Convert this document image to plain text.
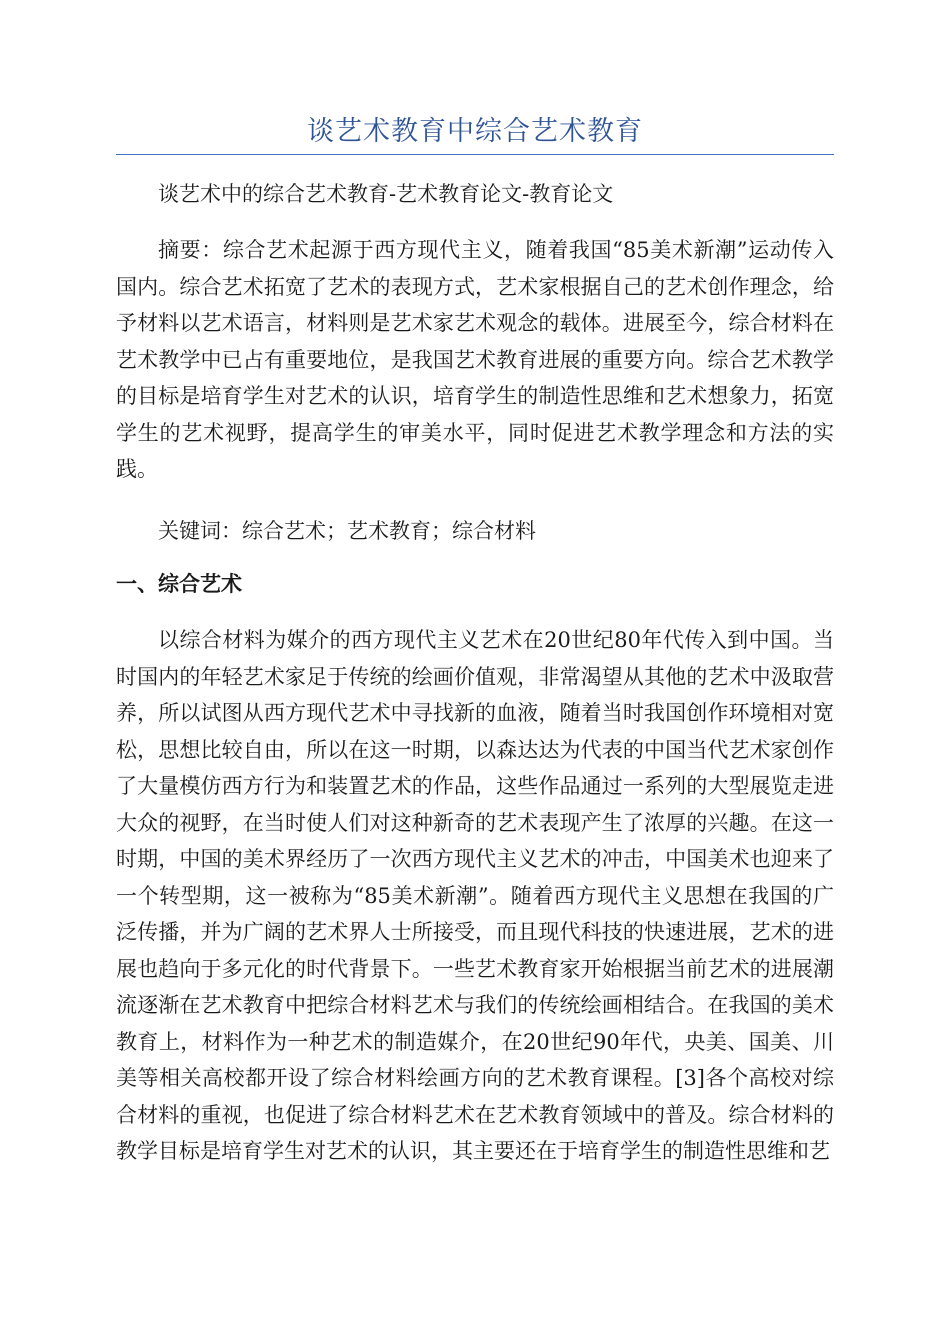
谈艺术教育中综合艺术教育

谈艺术中的综合艺术教育-艺术教育论文-教育论文

摘要：综合艺术起源于西方现代主义，随着我国“85美术新潮”运动传入国内。综合艺术拓宽了艺术的表现方式，艺术家根据自己的艺术创作理念，给予材料以艺术语言，材料则是艺术家艺术观念的载体。进展至今，综合材料在艺术教学中已占有重要地位，是我国艺术教育进展的重要方向。综合艺术教学的目标是培育学生对艺术的认识，培育学生的制造性思维和艺术想象力，拓宽学生的艺术视野，提高学生的审美水平，同时促进艺术教学理念和方法的实践。

关键词：综合艺术；艺术教育；综合材料

一、综合艺术

以综合材料为媒介的西方现代主义艺术在20世纪80年代传入到中国。当时国内的年轻艺术家足于传统的绘画价值观，非常渴望从其他的艺术中汲取营养，所以试图从西方现代艺术中寻找新的血液，随着当时我国创作环境相对宽松，思想比较自由，所以在这一时期，以森达达为代表的中国当代艺术家创作了大量模仿西方行为和装置艺术的作品，这些作品通过一系列的大型展览走进大众的视野，在当时使人们对这种新奇的艺术表现产生了浓厚的兴趣。在这一时期，中国的美术界经历了一次西方现代主义艺术的冲击，中国美术也迎来了一个转型期，这一被称为“85美术新潮”。随着西方现代主义思想在我国的广泛传播，并为广阔的艺术界人士所接受，而且现代科技的快速进展，艺术的进展也趋向于多元化的时代背景下。一些艺术教育家开始根据当前艺术的进展潮流逐渐在艺术教育中把综合材料艺术与我们的传统绘画相结合。在我国的美术教育上，材料作为一种艺术的制造媒介，在20世纪90年代，央美、国美、川美等相关高校都开设了综合材料绘画方向的艺术教育课程。[3]各个高校对综合材料的重视，也促进了综合材料艺术在艺术教育领域中的普及。综合材料的教学目标是培育学生对艺术的认识，其主要还在于培育学生的制造性思维和艺
